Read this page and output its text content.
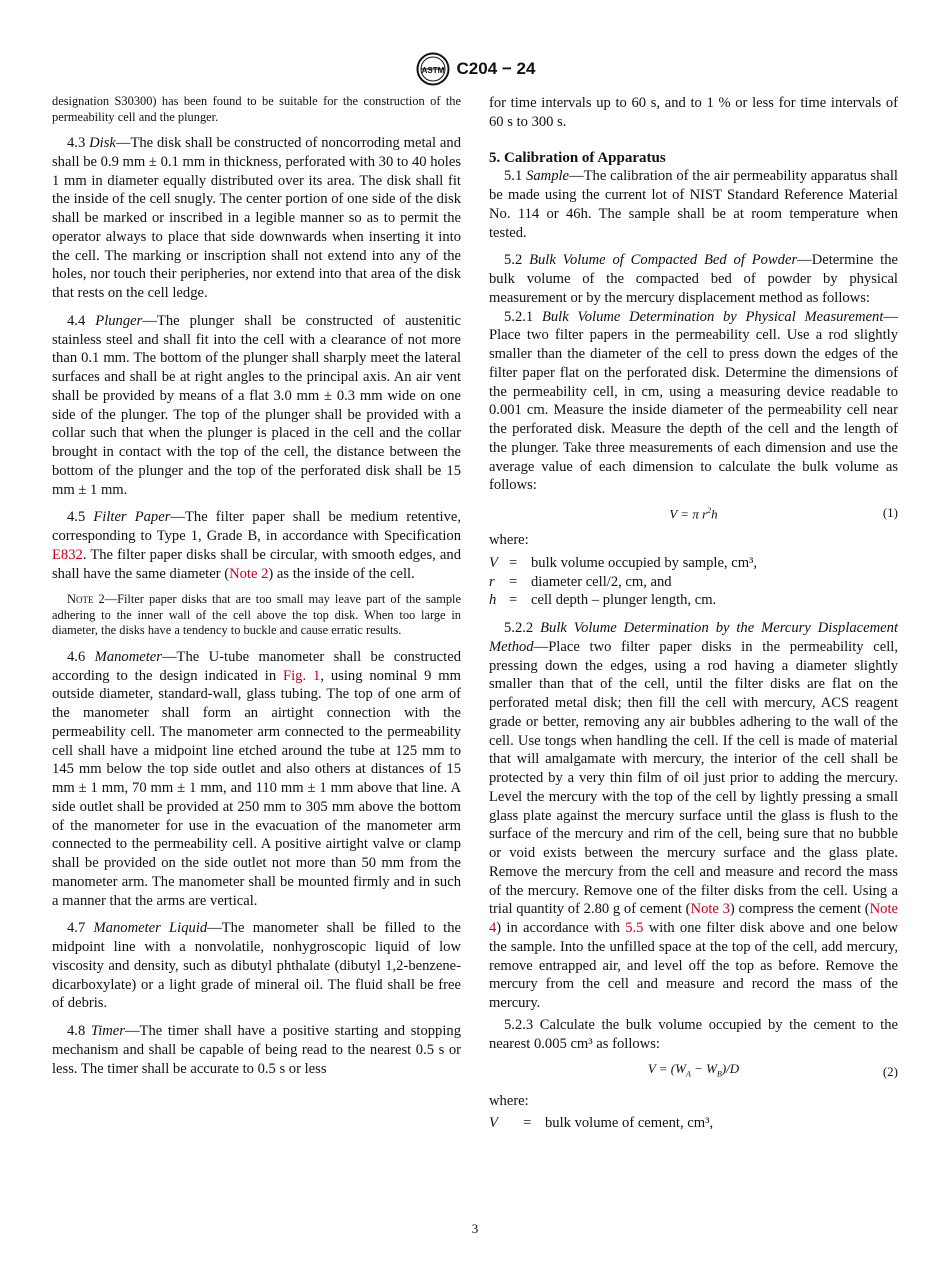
ASTM C204 − 24

designation S30300) has been found to be suitable for the construction of the permeability cell and the plunger.

4.3 Disk—The disk shall be constructed of noncorroding metal and shall be 0.9 mm ± 0.1 mm in thickness, perforated with 30 to 40 holes 1 mm in diameter equally distributed over its area. The disk shall fit the inside of the cell snugly. The center portion of one side of the disk shall be marked or inscribed in a legible manner so as to permit the operator always to place that side downwards when inserting it into the cell. The marking or inscription shall not extend into any of the holes, nor touch their peripheries, nor extend into that area of the disk that rests on the cell ledge.

4.4 Plunger—The plunger shall be constructed of austenitic stainless steel and shall fit into the cell with a clearance of not more than 0.1 mm. The bottom of the plunger shall sharply meet the lateral surfaces and shall be at right angles to the principal axis. An air vent shall be provided by means of a flat 3.0 mm ± 0.3 mm wide on one side of the plunger. The top of the plunger shall be provided with a collar such that when the plunger is placed in the cell and the collar brought in contact with the top of the cell, the distance between the bottom of the plunger and the top of the perforated disk shall be 15 mm ± 1 mm.

4.5 Filter Paper—The filter paper shall be medium retentive, corresponding to Type 1, Grade B, in accordance with Specification E832. The filter paper disks shall be circular, with smooth edges, and shall have the same diameter (Note 2) as the inside of the cell.

Note 2—Filter paper disks that are too small may leave part of the sample adhering to the inner wall of the cell above the top disk. When too large in diameter, the disks have a tendency to buckle and cause erratic results.

4.6 Manometer—The U-tube manometer shall be constructed according to the design indicated in Fig. 1, using nominal 9 mm outside diameter, standard-wall, glass tubing. The top of one arm of the manometer shall form an airtight connection with the permeability cell. The manometer arm connected to the permeability cell shall have a midpoint line etched around the tube at 125 mm to 145 mm below the top side outlet and also others at distances of 15 mm ± 1 mm, 70 mm ± 1 mm, and 110 mm ± 1 mm above that line. A side outlet shall be provided at 250 mm to 305 mm above the bottom of the manometer for use in the evacuation of the manometer arm connected to the permeability cell. A positive airtight valve or clamp shall be provided on the side outlet not more than 50 mm from the manometer arm. The manometer shall be mounted firmly and in such a manner that the arms are vertical.

4.7 Manometer Liquid—The manometer shall be filled to the midpoint line with a nonvolatile, nonhygroscopic liquid of low viscosity and density, such as dibutyl phthalate (dibutyl 1,2-benzene-dicarboxylate) or a light grade of mineral oil. The fluid shall be free of debris.

4.8 Timer—The timer shall have a positive starting and stopping mechanism and shall be capable of being read to the nearest 0.5 s or less. The timer shall be accurate to 0.5 s or less

for time intervals up to 60 s, and to 1 % or less for time intervals of 60 s to 300 s.

5. Calibration of Apparatus

5.1 Sample—The calibration of the air permeability apparatus shall be made using the current lot of NIST Standard Reference Material No. 114 or 46h. The sample shall be at room temperature when tested.

5.2 Bulk Volume of Compacted Bed of Powder—Determine the bulk volume of the compacted bed of powder by physical measurement or by the mercury displacement method as follows:

5.2.1 Bulk Volume Determination by Physical Measurement—Place two filter papers in the permeability cell. Use a rod slightly smaller than the diameter of the cell to press down the edges of the filter paper flat on the perforated disk. Determine the dimensions of the permeability cell, in cm, using a measuring device readable to 0.001 cm. Measure the inside diameter of the permeability cell near the perforated disk. Measure the depth of the cell and the length of the plunger. Take three measurements of each dimension and use the average value of each dimension to calculate the bulk volume as follows:

V = π $r^2h$	(1)

where:

V = bulk volume occupied by sample, cm³,
r = diameter cell/2, cm, and
h = cell depth – plunger length, cm.

5.2.2 Bulk Volume Determination by the Mercury Displacement Method—Place two filter paper disks in the permeability cell, pressing down the edges, using a rod having a diameter slightly smaller than that of the cell, until the filter disks are flat on the perforated metal disk; then fill the cell with mercury, ACS reagent grade or better, removing any air bubbles adhering to the wall of the cell. Use tongs when handling the cell. If the cell is made of material that will amalgamate with mercury, the interior of the cell shall be protected by a very thin film of oil just prior to adding the mercury. Level the mercury with the top of the cell by lightly pressing a small glass plate against the mercury surface until the glass is flush to the surface of the mercury and rim of the cell, being sure that no bubble or void exists between the mercury surface and the glass plate. Remove the mercury from the cell and measure and record the mass of the mercury. Remove one of the filter disks from the cell. Using a trial quantity of 2.80 g of cement (Note 3) compress the cement (Note 4) in accordance with 5.5 with one filter disk above and one below the sample. Into the unfilled space at the top of the cell, add mercury, remove entrapped air, and level off the top as before. Remove the mercury from the cell and measure and record the mass of the mercury.

5.2.3 Calculate the bulk volume occupied by the cement to the nearest 0.005 cm³ as follows:

$V = (W_A - W_B)/D$	(2)

where:

V	= bulk volume of cement, cm³,
3
